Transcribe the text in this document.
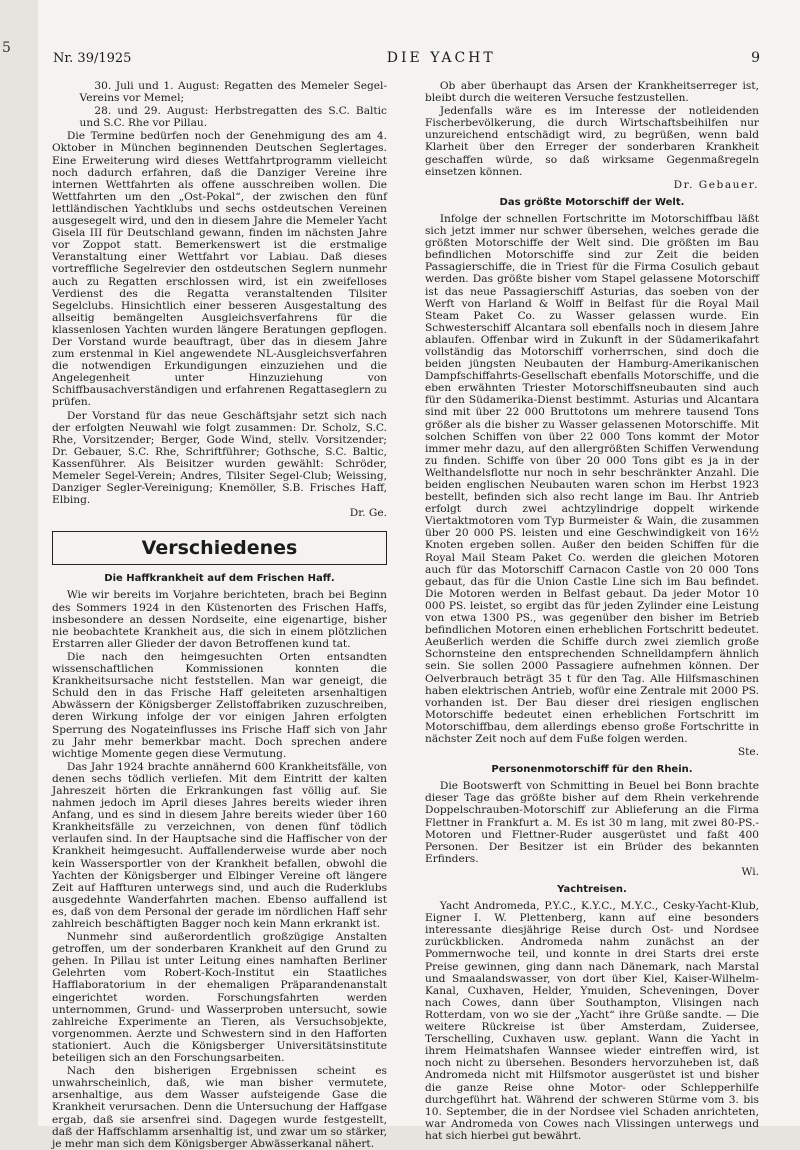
5
Nr. 39/1925	DIE YACHT	9

30. Juli und 1. August: Regatten des Memeler Segel-Vereins vor Memel;

28. und 29. August: Herbstregatten des S.C. Baltic und S.C. Rhe vor Pillau.

Die Termine bedürfen noch der Genehmigung des am 4. Oktober in München beginnenden Deutschen Seglertages. Eine Erweiterung wird dieses Wettfahrtprogramm vielleicht noch dadurch erfahren, daß die Danziger Vereine ihre internen Wettfahrten als offene ausschreiben wollen. Die Wettfahrten um den „Ost-Pokal“, der zwischen den fünf lettländischen Yachtklubs und sechs ostdeutschen Vereinen ausgesegelt wird, und den in diesem Jahre die Memeler Yacht Gisela III für Deutschland gewann, finden im nächsten Jahre vor Zoppot statt. Bemerkenswert ist die erstmalige Veranstaltung einer Wettfahrt vor Labiau. Daß dieses vortreffliche Segelrevier den ostdeutschen Seglern nunmehr auch zu Regatten erschlossen wird, ist ein zweifelloses Verdienst des die Regatta veranstaltenden Tilsiter Segelclubs. Hinsichtlich einer besseren Ausgestaltung des allseitig bemängelten Ausgleichsverfahrens für die klassenlosen Yachten wurden längere Beratungen gepflogen. Der Vorstand wurde beauftragt, über das in diesem Jahre zum erstenmal in Kiel angewendete NL-Ausgleichsverfahren die notwendigen Erkundigungen einzuziehen und die Angelegenheit unter Hinzuziehung von Schiffbausachverständigen und erfahrenen Regattaseglern zu prüfen.

Der Vorstand für das neue Geschäftsjahr setzt sich nach der erfolgten Neuwahl wie folgt zusammen: Dr. Scholz, S.C. Rhe, Vorsitzender; Berger, Gode Wind, stellv. Vorsitzender; Dr. Gebauer, S.C. Rhe, Schriftführer; Gothsche, S.C. Baltic, Kassenführer. Als Beisitzer wurden gewählt: Schröder, Memeler Segel-Verein; Andres, Tilsiter Segel-Club; Weissing, Danziger Segler-Vereinigung; Knemöller, S.B. Frisches Haff, Elbing.

Dr. Ge.

Verschiedenes
Die Haffkrankheit auf dem Frischen Haff.

Wie wir bereits im Vorjahre berichteten, brach bei Beginn des Sommers 1924 in den Küstenorten des Frischen Haffs, insbesondere an dessen Nordseite, eine eigenartige, bisher nie beobachtete Krankheit aus, die sich in einem plötzlichen Erstarren aller Glieder der davon Betroffenen kund tat.

Die nach den heimgesuchten Orten entsandten wissenschaftlichen Kommissionen konnten die Krankheitsursache nicht feststellen. Man war geneigt, die Schuld den in das Frische Haff geleiteten arsenhaltigen Abwässern der Königsberger Zellstoffabriken zuzuschreiben, deren Wirkung infolge der vor einigen Jahren erfolgten Sperrung des Nogateinflusses ins Frische Haff sich von Jahr zu Jahr mehr bemerkbar macht. Doch sprechen andere wichtige Momente gegen diese Vermutung.

Das Jahr 1924 brachte annähernd 600 Krankheitsfälle, von denen sechs tödlich verliefen. Mit dem Eintritt der kalten Jahreszeit hörten die Erkrankungen fast völlig auf. Sie nahmen jedoch im April dieses Jahres bereits wieder ihren Anfang, und es sind in diesem Jahre bereits wieder über 160 Krankheitsfälle zu verzeichnen, von denen fünf tödlich verlaufen sind. In der Hauptsache sind die Haffischer von der Krankheit heimgesucht. Auffallenderweise wurde aber noch kein Wassersportler von der Krankheit befallen, obwohl die Yachten der Königsberger und Elbinger Vereine oft längere Zeit auf Haffturen unterwegs sind, und auch die Ruderklubs ausgedehnte Wanderfahrten machen. Ebenso auffallend ist es, daß von dem Personal der gerade im nördlichen Haff sehr zahlreich beschäftigten Bagger noch kein Mann erkrankt ist.

Nunmehr sind außerordentlich großzügige Anstalten getroffen, um der sonderbaren Krankheit auf den Grund zu gehen. In Pillau ist unter Leitung eines namhaften Berliner Gelehrten vom Robert-Koch-Institut ein Staatliches Hafflaboratorium in der ehemaligen Präparandenanstalt eingerichtet worden. Forschungsfahrten werden unternommen, Grund- und Wasserproben untersucht, sowie zahlreiche Experimente an Tieren, als Versuchsobjekte, vorgenommen. Aerzte und Schwestern sind in den Hafforten stationiert. Auch die Königsberger Universitätsinstitute beteiligen sich an den Forschungsarbeiten.

Nach den bisherigen Ergebnissen scheint es unwahrscheinlich, daß, wie man bisher vermutete, arsenhaltige, aus dem Wasser aufsteigende Gase die Krankheit verursachen. Denn die Untersuchung der Haffgase ergab, daß sie arsenfrei sind. Dagegen wurde festgestellt, daß der Haffschlamm arsenhaltig ist, und zwar um so stärker, je mehr man sich dem Königsberger Abwässerkanal nähert.

Ob aber überhaupt das Arsen der Krankheitserreger ist, bleibt durch die weiteren Versuche festzustellen.

Jedenfalls wäre es im Interesse der notleidenden Fischerbevölkerung, die durch Wirtschaftsbeihilfen nur unzureichend entschädigt wird, zu begrüßen, wenn bald Klarheit über den Erreger der sonderbaren Krankheit geschaffen würde, so daß wirksame Gegenmaßregeln einsetzen können.

Dr. Gebauer.

Das größte Motorschiff der Welt.

Infolge der schnellen Fortschritte im Motorschiffbau läßt sich jetzt immer nur schwer übersehen, welches gerade die größten Motorschiffe der Welt sind. Die größten im Bau befindlichen Motorschiffe sind zur Zeit die beiden Passagierschiffe, die in Triest für die Firma Cosulich gebaut werden. Das größte bisher vom Stapel gelassene Motorschiff ist das neue Passagierschiff Asturias, das soeben von der Werft von Harland & Wolff in Belfast für die Royal Mail Steam Paket Co. zu Wasser gelassen wurde. Ein Schwesterschiff Alcantara soll ebenfalls noch in diesem Jahre ablaufen. Offenbar wird in Zukunft in der Südamerikafahrt vollständig das Motorschiff vorherrschen, sind doch die beiden jüngsten Neubauten der Hamburg-Amerikanischen Dampfschiffahrts-Gesellschaft ebenfalls Motorschiffe, und die eben erwähnten Triester Motorschiffsneubauten sind auch für den Südamerika-Dienst bestimmt. Asturias und Alcantara sind mit über 22 000 Bruttotons um mehrere tausend Tons größer als die bisher zu Wasser gelassenen Motorschiffe. Mit solchen Schiffen von über 22 000 Tons kommt der Motor immer mehr dazu, auf den allergrößten Schiffen Verwendung zu finden. Schiffe von über 20 000 Tons gibt es ja in der Welthandelsflotte nur noch in sehr beschränkter Anzahl. Die beiden englischen Neubauten waren schon im Herbst 1923 bestellt, befinden sich also recht lange im Bau. Ihr Antrieb erfolgt durch zwei achtzylindrige doppelt wirkende Viertaktmotoren vom Typ Burmeister & Wain, die zusammen über 20 000 PS. leisten und eine Geschwindigkeit von 16½ Knoten ergeben sollen. Außer den beiden Schiffen für die Royal Mail Steam Paket Co. werden die gleichen Motoren auch für das Motorschiff Carnacon Castle von 20 000 Tons gebaut, das für die Union Castle Line sich im Bau befindet. Die Motoren werden in Belfast gebaut. Da jeder Motor 10 000 PS. leistet, so ergibt das für jeden Zylinder eine Leistung von etwa 1300 PS., was gegenüber den bisher im Betrieb befindlichen Motoren einen erheblichen Fortschritt bedeutet. Aeußerlich werden die Schiffe durch zwei ziemlich große Schornsteine den entsprechenden Schnelldampfern ähnlich sein. Sie sollen 2000 Passagiere aufnehmen können. Der Oelverbrauch beträgt 35 t für den Tag. Alle Hilfsmaschinen haben elektrischen Antrieb, wofür eine Zentrale mit 2000 PS. vorhanden ist. Der Bau dieser drei riesigen englischen Motorschiffe bedeutet einen erheblichen Fortschritt im Motorschiffbau, dem allerdings ebenso große Fortschritte in nächster Zeit noch auf dem Fuße folgen werden.

Ste.

Personenmotorschiff für den Rhein.

Die Bootswerft von Schmitting in Beuel bei Bonn brachte dieser Tage das größte bisher auf dem Rhein verkehrende Doppelschrauben-Motorschiff zur Ablieferung an die Firma Flettner in Frankfurt a. M. Es ist 30 m lang, mit zwei 80-PS.-Motoren und Flettner-Ruder ausgerüstet und faßt 400 Personen. Der Besitzer ist ein Brüder des bekannten Erfinders.

Wi.

Yachtreisen.

Yacht Andromeda, P.Y.C., K.Y.C., M.Y.C., Cesky-Yacht-Klub, Eigner I. W. Plettenberg, kann auf eine besonders interessante diesjährige Reise durch Ost- und Nordsee zurückblicken. Andromeda nahm zunächst an der Pommernwoche teil, und konnte in drei Starts drei erste Preise gewinnen, ging dann nach Dänemark, nach Marstal und Smaalandswasser, von dort über Kiel, Kaiser-Wilhelm-Kanal, Cuxhaven, Helder, Ymuiden, Scheveningen, Dover nach Cowes, dann über Southampton, Vlisingen nach Rotterdam, von wo sie der „Yacht“ ihre Grüße sandte. — Die weitere Rückreise ist über Amsterdam, Zuidersee, Terschelling, Cuxhaven usw. geplant. Wann die Yacht in ihrem Heimatshafen Wannsee wieder eintreffen wird, ist noch nicht zu übersehen. Besonders hervorzuheben ist, daß Andromeda nicht mit Hilfsmotor ausgerüstet ist und bisher die ganze Reise ohne Motor- oder Schlepperhilfe durchgeführt hat. Während der schweren Stürme vom 3. bis 10. September, die in der Nordsee viel Schaden anrichteten, war Andromeda von Cowes nach Vlissingen unterwegs und hat sich hierbei gut bewährt.
